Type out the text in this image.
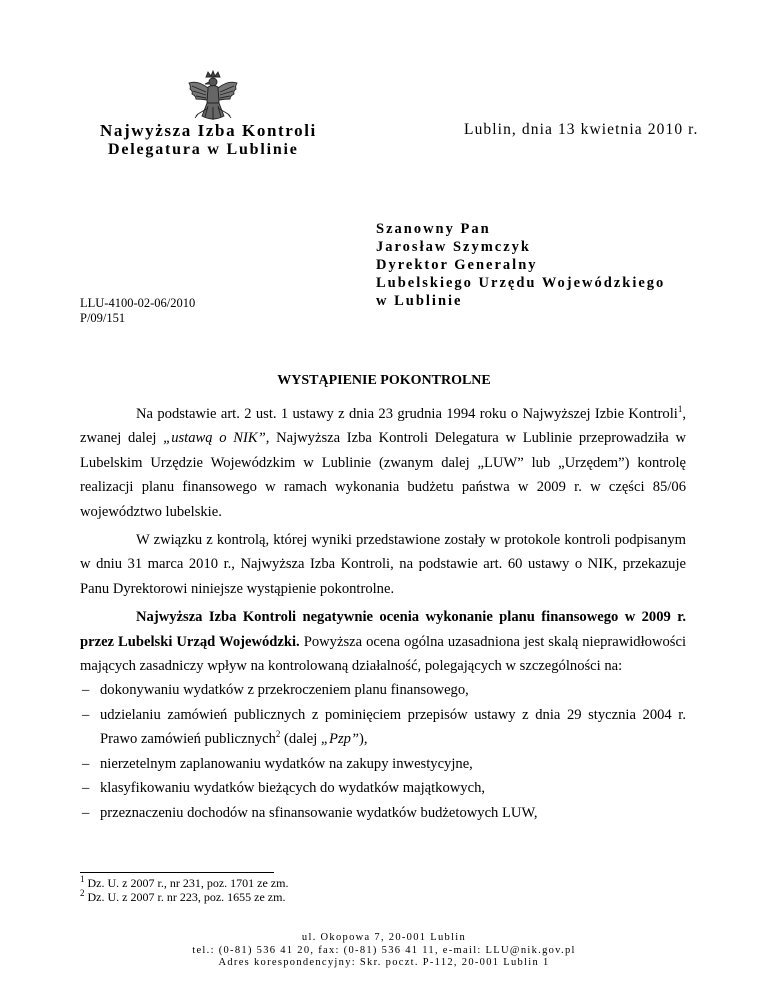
Najwyższa Izba Kontroli
Delegatura w Lublinie
Lublin, dnia 13 kwietnia 2010 r.
Szanowny Pan
Jarosław Szymczyk
Dyrektor Generalny
Lubelskiego Urzędu Wojewódzkiego
w Lublinie
LLU-4100-02-06/2010
P/09/151
WYSTĄPIENIE POKONTROLNE

Na podstawie art. 2 ust. 1 ustawy z dnia 23 grudnia 1994 roku o Najwyższej Izbie Kontroli$^1$, zwanej dalej „ustawą o NIK”, Najwyższa Izba Kontroli Delegatura w Lublinie przeprowadziła w Lubelskim Urzędzie Wojewódzkim w Lublinie (zwanym dalej „LUW” lub „Urzędem”) kontrolę realizacji planu finansowego w ramach wykonania budżetu państwa w 2009 r. w części 85/06 województwo lubelskie.

W związku z kontrolą, której wyniki przedstawione zostały w protokole kontroli podpisanym w dniu 31 marca 2010 r., Najwyższa Izba Kontroli, na podstawie art. 60 ustawy o NIK, przekazuje Panu Dyrektorowi niniejsze wystąpienie pokontrolne.

Najwyższa Izba Kontroli negatywnie ocenia wykonanie planu finansowego w 2009 r. przez Lubelski Urząd Wojewódzki. Powyższa ocena ogólna uzasadniona jest skalą nieprawidłowości mających zasadniczy wpływ na kontrolowaną działalność, polegających w szczególności na:

– dokonywaniu wydatków z przekroczeniem planu finansowego,
– udzielaniu zamówień publicznych z pominięciem przepisów ustawy z dnia 29 stycznia 2004 r. Prawo zamówień publicznych$^2$ (dalej „Pzp”),
– nierzetelnym zaplanowaniu wydatków na zakupy inwestycyjne,
– klasyfikowaniu wydatków bieżących do wydatków majątkowych,
– przeznaczeniu dochodów na sfinansowanie wydatków budżetowych LUW,
$^1$ Dz. U. z 2007 r., nr 231, poz. 1701 ze zm.
$^2$ Dz. U. z 2007 r. nr 223, poz. 1655 ze zm.
ul. Okopowa 7, 20-001 Lublin
tel.: (0-81) 536 41 20, fax: (0-81) 536 41 11, e-mail: LLU@nik.gov.pl
Adres korespondencyjny: Skr. poczt. P-112, 20-001 Lublin 1
